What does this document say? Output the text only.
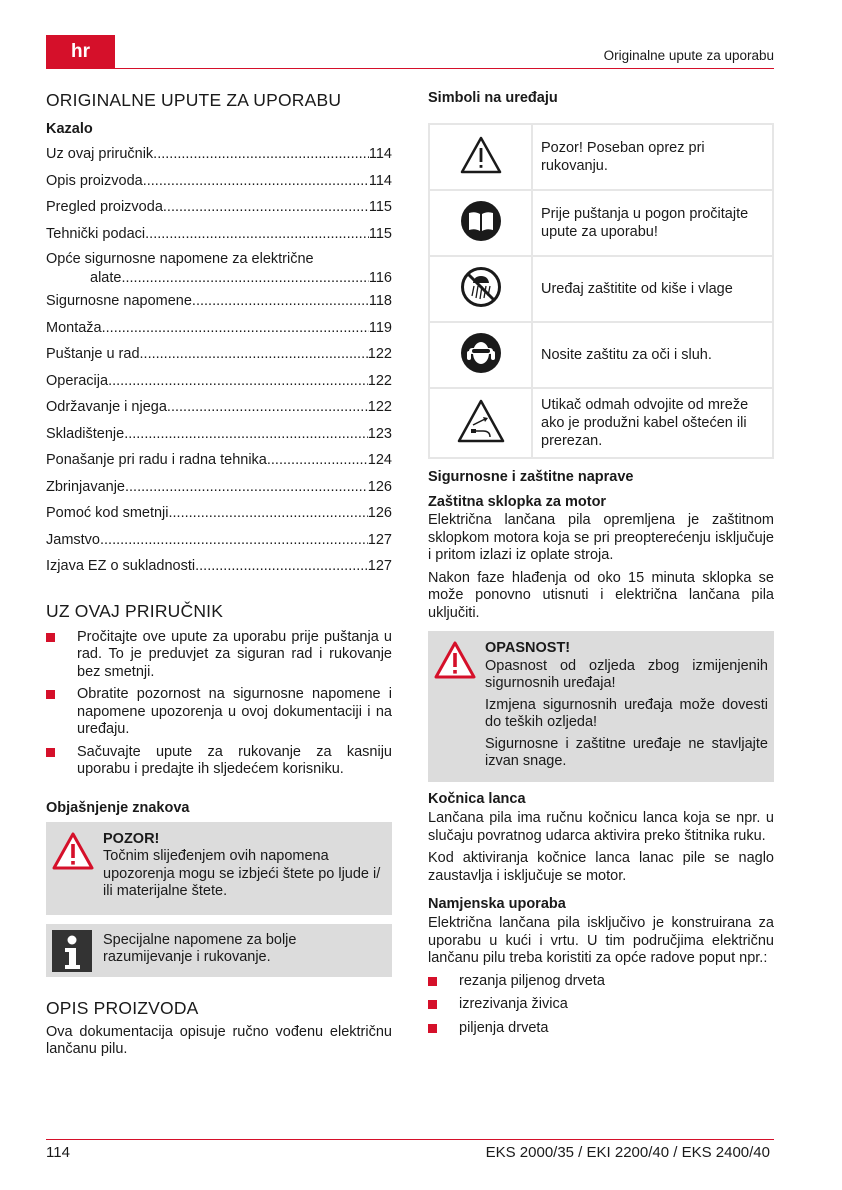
hr	Originalne upute za uporabu
ORIGINALNE UPUTE ZA UPORABU
Kazalo
Uz ovaj priručnik .....	114
Opis proizvoda .....	114
Pregled proizvoda .....	115
Tehnički podaci .....	115
Opće sigurnosne napomene za električne
alate .....	116
Sigurnosne napomene .....	118
Montaža .....	119
Puštanje u rad .....	122
Operacija .....	122
Održavanje i njega .....	122
Skladištenje .....	123
Ponašanje pri radu i radna tehnika .....	124
Zbrinjavanje .....	126
Pomoć kod smetnji .....	126
Jamstvo .....	127
Izjava EZ o sukladnosti .....	127
UZ OVAJ PRIRUČNIK
Pročitajte ove upute za uporabu prije puštanja u rad. To je preduvjet za siguran rad i rukovanje bez smetnji.
Obratite pozornost na sigurnosne napomene i napomene upozorenja u ovoj dokumentaciji i na uređaju.
Sačuvajte upute za rukovanje za kasniju uporabu i predajte ih sljedećem korisniku.
Objašnjenje znakova
POZOR!
Točnim slijeđenjem ovih napomena upozorenja mogu se izbjeći štete po ljude i/ ili materijalne štete.
Specijalne napomene za bolje razumijevanje i rukovanje.
OPIS PROIZVODA

Ova dokumentacija opisuje ručno vođenu električnu lančanu pilu.

Simboli na uređaju
	Pozor! Poseban oprez pri rukovanju.

	Prije puštanja u pogon pročitajte upute za uporabu!

	Uređaj zaštitite od kiše i vlage

	Nosite zaštitu za oči i sluh.

	Utikač odmah odvojite od mreže ako je produžni kabel oštećen ili prerezan.
Sigurnosne i zaštitne naprave
Zaštitna sklopka za motor

Električna lančana pila opremljena je zaštitnom sklopkom motora koja se pri preopterećenju isključuje i pritom izlazi iz oplate stroja.

Nakon faze hlađenja od oko 15 minuta sklopka se može ponovno utisnuti i električna lančana pila uključiti.

OPASNOST!
Opasnost od ozljeda zbog izmijenjenih sigurnosnih uređaja!
Izmjena sigurnosnih uređaja može dovesti do teških ozljeda!
Sigurnosne i zaštitne uređaje ne stavljajte izvan snage.
Kočnica lanca

Lančana pila ima ručnu kočnicu lanca koja se npr. u slučaju povratnog udarca aktivira preko štitnika ruku.

Kod aktiviranja kočnice lanca lanac pile se naglo zaustavlja i isključuje se motor.

Namjenska uporaba

Električna lančana pila isključivo je konstruirana za uporabu u kući i vrtu. U tim područjima električnu lančanu pilu treba koristiti za opće radove poput npr.:

rezanja piljenog drveta
izrezivanja živica
piljenja drveta
114	EKS 2000/35 / EKI 2200/40 / EKS 2400/40
